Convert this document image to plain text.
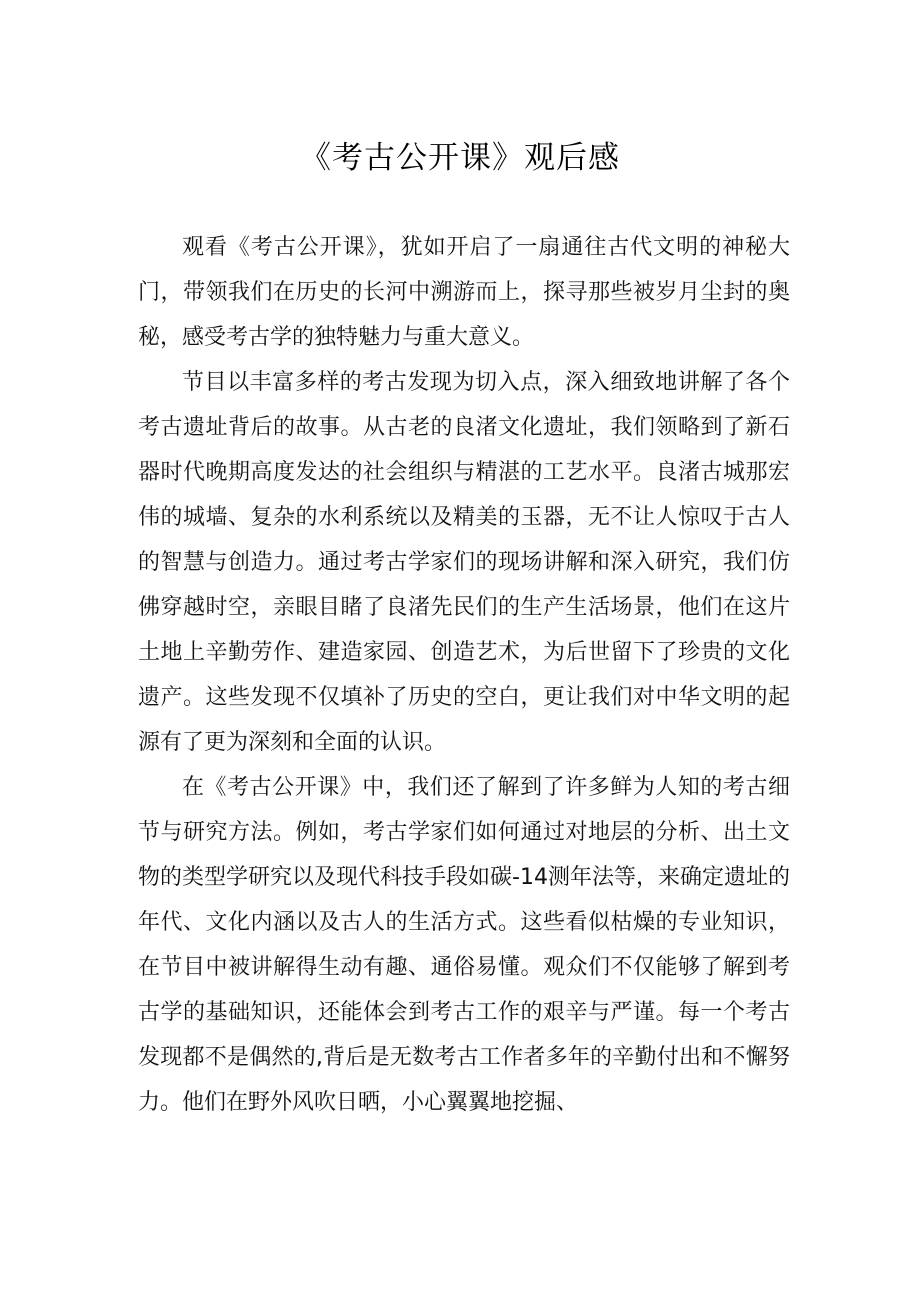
《考古公开课》观后感

观看《考古公开课》，犹如开启了一扇通往古代文明的神秘大门，带领我们在历史的长河中溯游而上，探寻那些被岁月尘封的奥秘，感受考古学的独特魅力与重大意义。

节目以丰富多样的考古发现为切入点，深入细致地讲解了各个考古遗址背后的故事。从古老的良渚文化遗址，我们领略到了新石器时代晚期高度发达的社会组织与精湛的工艺水平。良渚古城那宏伟的城墙、复杂的水利系统以及精美的玉器，无不让人惊叹于古人的智慧与创造力。通过考古学家们的现场讲解和深入研究，我们仿佛穿越时空，亲眼目睹了良渚先民们的生产生活场景，他们在这片土地上辛勤劳作、建造家园、创造艺术，为后世留下了珍贵的文化遗产。这些发现不仅填补了历史的空白，更让我们对中华文明的起源有了更为深刻和全面的认识。

在《考古公开课》中，我们还了解到了许多鲜为人知的考古细节与研究方法。例如，考古学家们如何通过对地层的分析、出土文物的类型学研究以及现代科技手段如碳-14测年法等，来确定遗址的年代、文化内涵以及古人的生活方式。这些看似枯燥的专业知识，在节目中被讲解得生动有趣、通俗易懂。观众们不仅能够了解到考古学的基础知识，还能体会到考古工作的艰辛与严谨。每一个考古发现都不是偶然的,背后是无数考古工作者多年的辛勤付出和不懈努力。他们在野外风吹日晒，小心翼翼地挖掘、
